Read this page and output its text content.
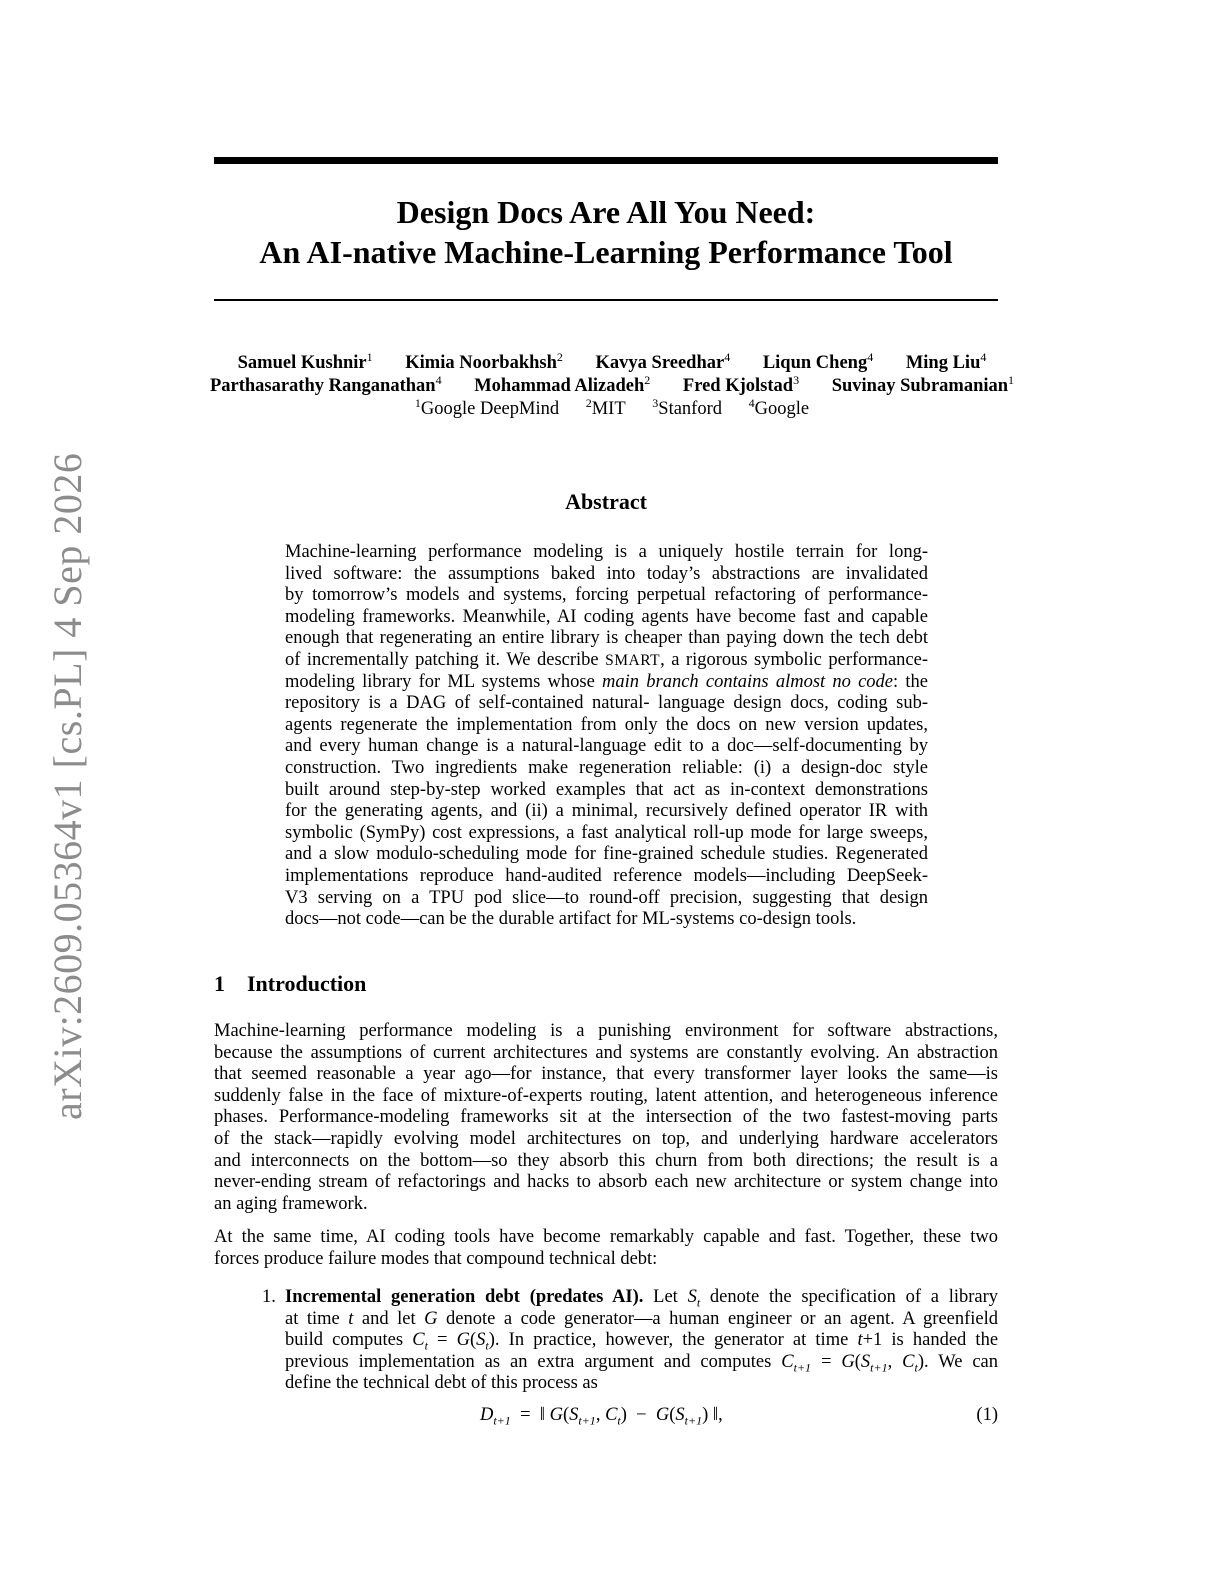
arXiv:2609.05364v1 [cs.PL] 4 Sep 2026
Design Docs Are All You Need:
An AI-native Machine-Learning Performance Tool
Samuel Kushnir$^1$ Kimia Noorbakhsh$^2$ Kavya Sreedhar$^4$ Liqun Cheng$^4$ Ming Liu$^4$
Parthasarathy Ranganathan$^4$ Mohammad Alizadeh$^2$ Fred Kjolstad$^3$ Suvinay Subramanian$^1$
$^1$Google DeepMind $^2$MIT $^3$Stanford $^4$Google
Abstract
Machine-learning performance modeling is a uniquely hostile terrain for long-
lived software: the assumptions baked into today’s abstractions are invalidated
by tomorrow’s models and systems, forcing perpetual refactoring of performance-
modeling frameworks. Meanwhile, AI coding agents have become fast and capable
enough that regenerating an entire library is cheaper than paying down the tech debt
of incrementally patching it. We describe SMART, a rigorous symbolic performance-
modeling library for ML systems whose main branch contains almost no code: the
repository is a DAG of self-contained natural- language design docs, coding sub-
agents regenerate the implementation from only the docs on new version updates,
and every human change is a natural-language edit to a doc—self-documenting by
construction. Two ingredients make regeneration reliable: (i) a design-doc style
built around step-by-step worked examples that act as in-context demonstrations
for the generating agents, and (ii) a minimal, recursively defined operator IR with
symbolic (SymPy) cost expressions, a fast analytical roll-up mode for large sweeps,
and a slow modulo-scheduling mode for fine-grained schedule studies. Regenerated
implementations reproduce hand-audited reference models—including DeepSeek-
V3 serving on a TPU pod slice—to round-off precision, suggesting that design
docs—not code—can be the durable artifact for ML-systems co-design tools.
1 Introduction
Machine-learning performance modeling is a punishing environment for software abstractions,
because the assumptions of current architectures and systems are constantly evolving. An abstraction
that seemed reasonable a year ago—for instance, that every transformer layer looks the same—is
suddenly false in the face of mixture-of-experts routing, latent attention, and heterogeneous inference
phases. Performance-modeling frameworks sit at the intersection of the two fastest-moving parts
of the stack—rapidly evolving model architectures on top, and underlying hardware accelerators
and interconnects on the bottom—so they absorb this churn from both directions; the result is a
never-ending stream of refactorings and hacks to absorb each new architecture or system change into
an aging framework.
At the same time, AI coding tools have become remarkably capable and fast. Together, these two
forces produce failure modes that compound technical debt:
1. Incremental generation debt (predates AI). Let $S_t$ denote the specification of a library
at time t and let G denote a code generator—a human engineer or an agent. A greenfield
build computes $C_t = G(S_t)$. In practice, however, the generator at time t+1 is handed the
previous implementation as an extra argument and computes $C_{t+1} = G(S_{t+1}$, $C_t$). We can
define the technical debt of this process as
$D_{t+1}$  =  ‖ $G(S_{t+1}$, $C_t) - G(S_{t+1})$ ‖,	(1)
